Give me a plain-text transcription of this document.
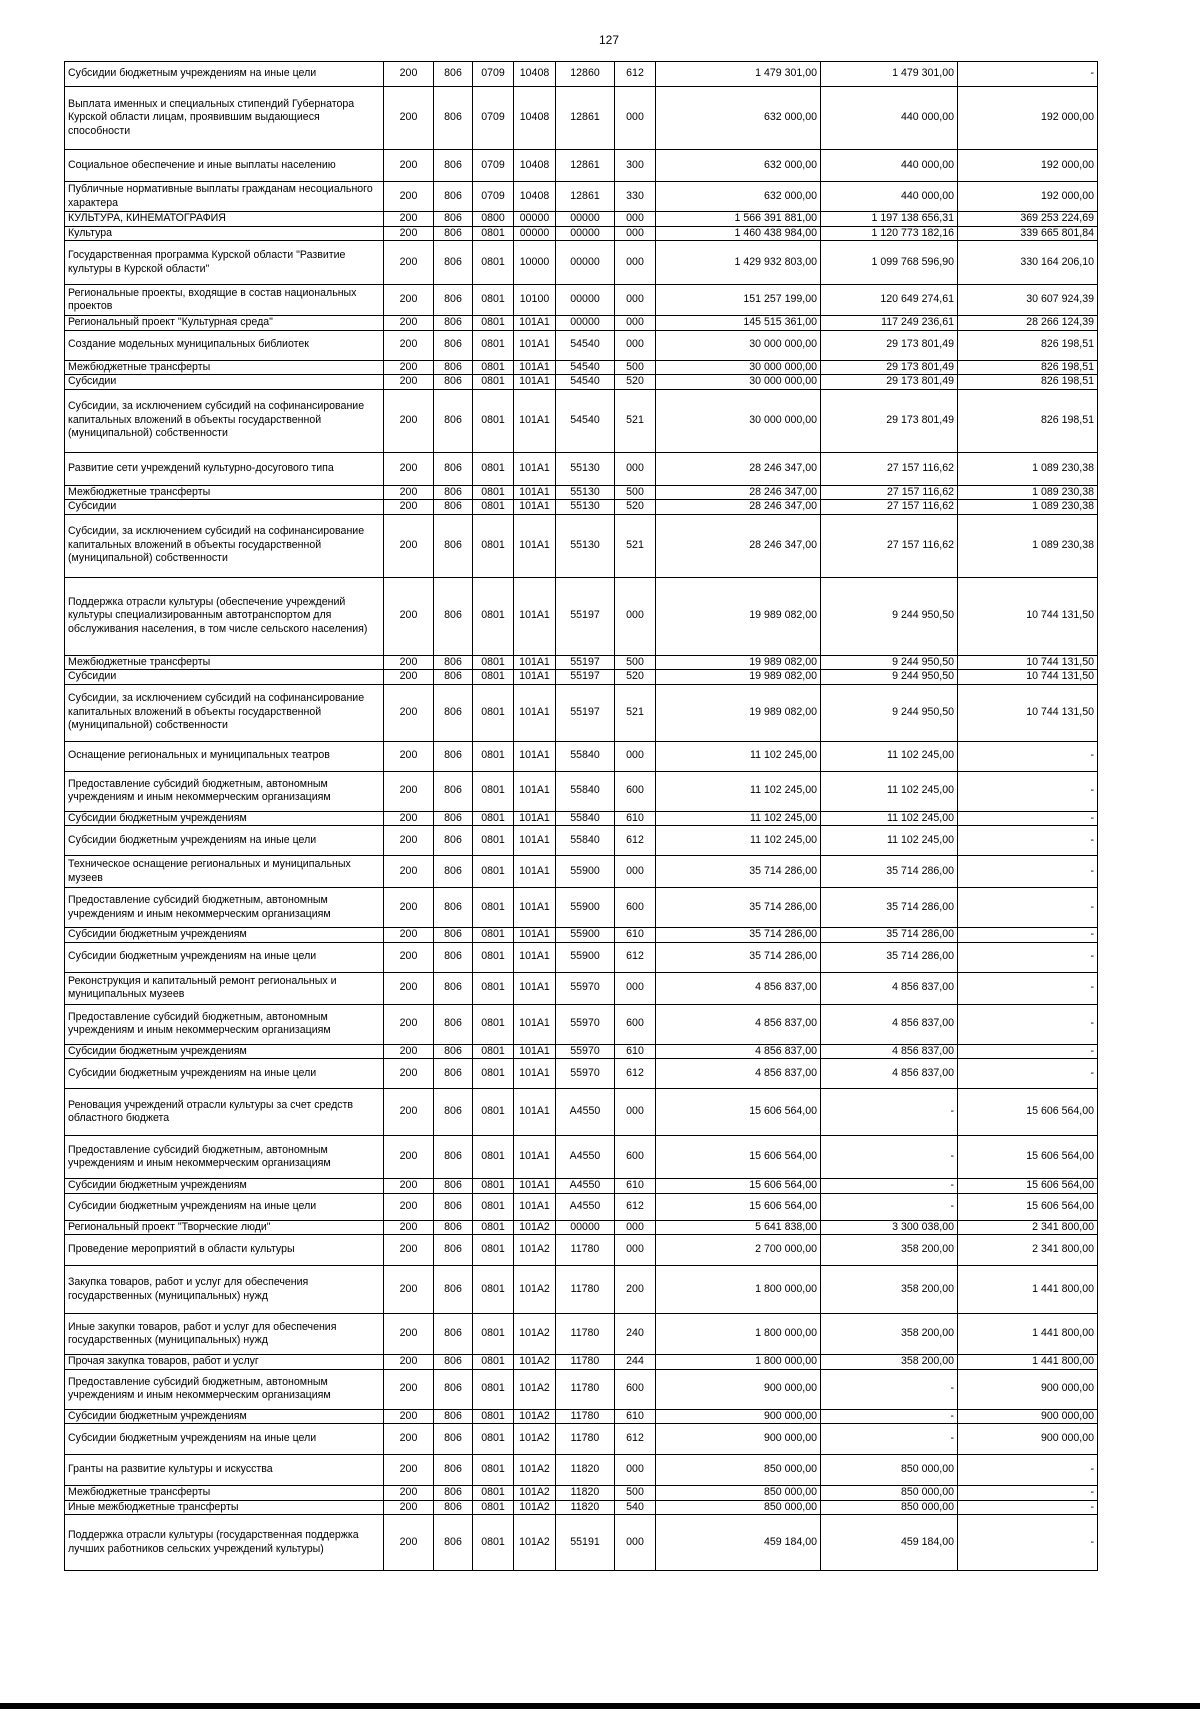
127
Субсидии бюджетным учреждениям на иные цели	200	806	0709	10408	12860	612	1 479 301,00	1 479 301,00	-
Выплата именных и специальных стипендий Губернатора Курской области лицам, проявившим выдающиеся способности	200	806	0709	10408	12861	000	632 000,00	440 000,00	192 000,00
Социальное обеспечение и иные выплаты населению	200	806	0709	10408	12861	300	632 000,00	440 000,00	192 000,00
Публичные нормативные выплаты гражданам несоциального характера	200	806	0709	10408	12861	330	632 000,00	440 000,00	192 000,00
КУЛЬТУРА, КИНЕМАТОГРАФИЯ	200	806	0800	00000	00000	000	1 566 391 881,00	1 197 138 656,31	369 253 224,69
Культура	200	806	0801	00000	00000	000	1 460 438 984,00	1 120 773 182,16	339 665 801,84
Государственная программа Курской области "Развитие культуры в Курской области"	200	806	0801	10000	00000	000	1 429 932 803,00	1 099 768 596,90	330 164 206,10
Региональные проекты, входящие в состав национальных проектов	200	806	0801	10100	00000	000	151 257 199,00	120 649 274,61	30 607 924,39
Региональный проект "Культурная среда"	200	806	0801	101A1	00000	000	145 515 361,00	117 249 236,61	28 266 124,39
Создание модельных муниципальных библиотек	200	806	0801	101A1	54540	000	30 000 000,00	29 173 801,49	826 198,51
Межбюджетные трансферты	200	806	0801	101A1	54540	500	30 000 000,00	29 173 801,49	826 198,51
Субсидии	200	806	0801	101A1	54540	520	30 000 000,00	29 173 801,49	826 198,51
Субсидии, за исключением субсидий на софинансирование капитальных вложений в объекты государственной (муниципальной) собственности	200	806	0801	101A1	54540	521	30 000 000,00	29 173 801,49	826 198,51
Развитие сети учреждений культурно-досугового типа	200	806	0801	101A1	55130	000	28 246 347,00	27 157 116,62	1 089 230,38
Межбюджетные трансферты	200	806	0801	101A1	55130	500	28 246 347,00	27 157 116,62	1 089 230,38
Субсидии	200	806	0801	101A1	55130	520	28 246 347,00	27 157 116,62	1 089 230,38
Субсидии, за исключением субсидий на софинансирование капитальных вложений в объекты государственной (муниципальной) собственности	200	806	0801	101A1	55130	521	28 246 347,00	27 157 116,62	1 089 230,38
Поддержка отрасли культуры (обеспечение учреждений культуры специализированным автотранспортом для обслуживания населения, в том числе сельского населения)	200	806	0801	101A1	55197	000	19 989 082,00	9 244 950,50	10 744 131,50
Межбюджетные трансферты	200	806	0801	101A1	55197	500	19 989 082,00	9 244 950,50	10 744 131,50
Субсидии	200	806	0801	101A1	55197	520	19 989 082,00	9 244 950,50	10 744 131,50
Субсидии, за исключением субсидий на софинансирование капитальных вложений в объекты государственной (муниципальной) собственности	200	806	0801	101A1	55197	521	19 989 082,00	9 244 950,50	10 744 131,50
Оснащение региональных и муниципальных театров	200	806	0801	101A1	55840	000	11 102 245,00	11 102 245,00	-
Предоставление субсидий бюджетным, автономным учреждениям и иным некоммерческим организациям	200	806	0801	101A1	55840	600	11 102 245,00	11 102 245,00	-
Субсидии бюджетным учреждениям	200	806	0801	101A1	55840	610	11 102 245,00	11 102 245,00	-
Субсидии бюджетным учреждениям на иные цели	200	806	0801	101A1	55840	612	11 102 245,00	11 102 245,00	-
Техническое оснащение региональных и муниципальных музеев	200	806	0801	101A1	55900	000	35 714 286,00	35 714 286,00	-
Предоставление субсидий бюджетным, автономным учреждениям и иным некоммерческим организациям	200	806	0801	101A1	55900	600	35 714 286,00	35 714 286,00	-
Субсидии бюджетным учреждениям	200	806	0801	101A1	55900	610	35 714 286,00	35 714 286,00	-
Субсидии бюджетным учреждениям на иные цели	200	806	0801	101A1	55900	612	35 714 286,00	35 714 286,00	-
Реконструкция и капитальный ремонт региональных и муниципальных музеев	200	806	0801	101A1	55970	000	4 856 837,00	4 856 837,00	-
Предоставление субсидий бюджетным, автономным учреждениям и иным некоммерческим организациям	200	806	0801	101A1	55970	600	4 856 837,00	4 856 837,00	-
Субсидии бюджетным учреждениям	200	806	0801	101A1	55970	610	4 856 837,00	4 856 837,00	-
Субсидии бюджетным учреждениям на иные цели	200	806	0801	101A1	55970	612	4 856 837,00	4 856 837,00	-
Реновация учреждений отрасли культуры за счет средств областного бюджета	200	806	0801	101A1	А4550	000	15 606 564,00	-	15 606 564,00
Предоставление субсидий бюджетным, автономным учреждениям и иным некоммерческим организациям	200	806	0801	101A1	А4550	600	15 606 564,00	-	15 606 564,00
Субсидии бюджетным учреждениям	200	806	0801	101A1	А4550	610	15 606 564,00	-	15 606 564,00
Субсидии бюджетным учреждениям на иные цели	200	806	0801	101A1	А4550	612	15 606 564,00	-	15 606 564,00
Региональный проект "Творческие люди"	200	806	0801	101A2	00000	000	5 641 838,00	3 300 038,00	2 341 800,00
Проведение мероприятий в области культуры	200	806	0801	101A2	11780	000	2 700 000,00	358 200,00	2 341 800,00
Закупка товаров, работ и услуг для обеспечения государственных (муниципальных) нужд	200	806	0801	101A2	11780	200	1 800 000,00	358 200,00	1 441 800,00
Иные закупки товаров, работ и услуг для обеспечения государственных (муниципальных) нужд	200	806	0801	101A2	11780	240	1 800 000,00	358 200,00	1 441 800,00
Прочая закупка товаров, работ и услуг	200	806	0801	101A2	11780	244	1 800 000,00	358 200,00	1 441 800,00
Предоставление субсидий бюджетным, автономным учреждениям и иным некоммерческим организациям	200	806	0801	101A2	11780	600	900 000,00	-	900 000,00
Субсидии бюджетным учреждениям	200	806	0801	101A2	11780	610	900 000,00	-	900 000,00
Субсидии бюджетным учреждениям на иные цели	200	806	0801	101A2	11780	612	900 000,00	-	900 000,00
Гранты на развитие культуры и искусства	200	806	0801	101A2	11820	000	850 000,00	850 000,00	-
Межбюджетные трансферты	200	806	0801	101A2	11820	500	850 000,00	850 000,00	-
Иные межбюджетные трансферты	200	806	0801	101A2	11820	540	850 000,00	850 000,00	-
Поддержка отрасли культуры (государственная поддержка лучших работников сельских учреждений культуры)	200	806	0801	101A2	55191	000	459 184,00	459 184,00	-
